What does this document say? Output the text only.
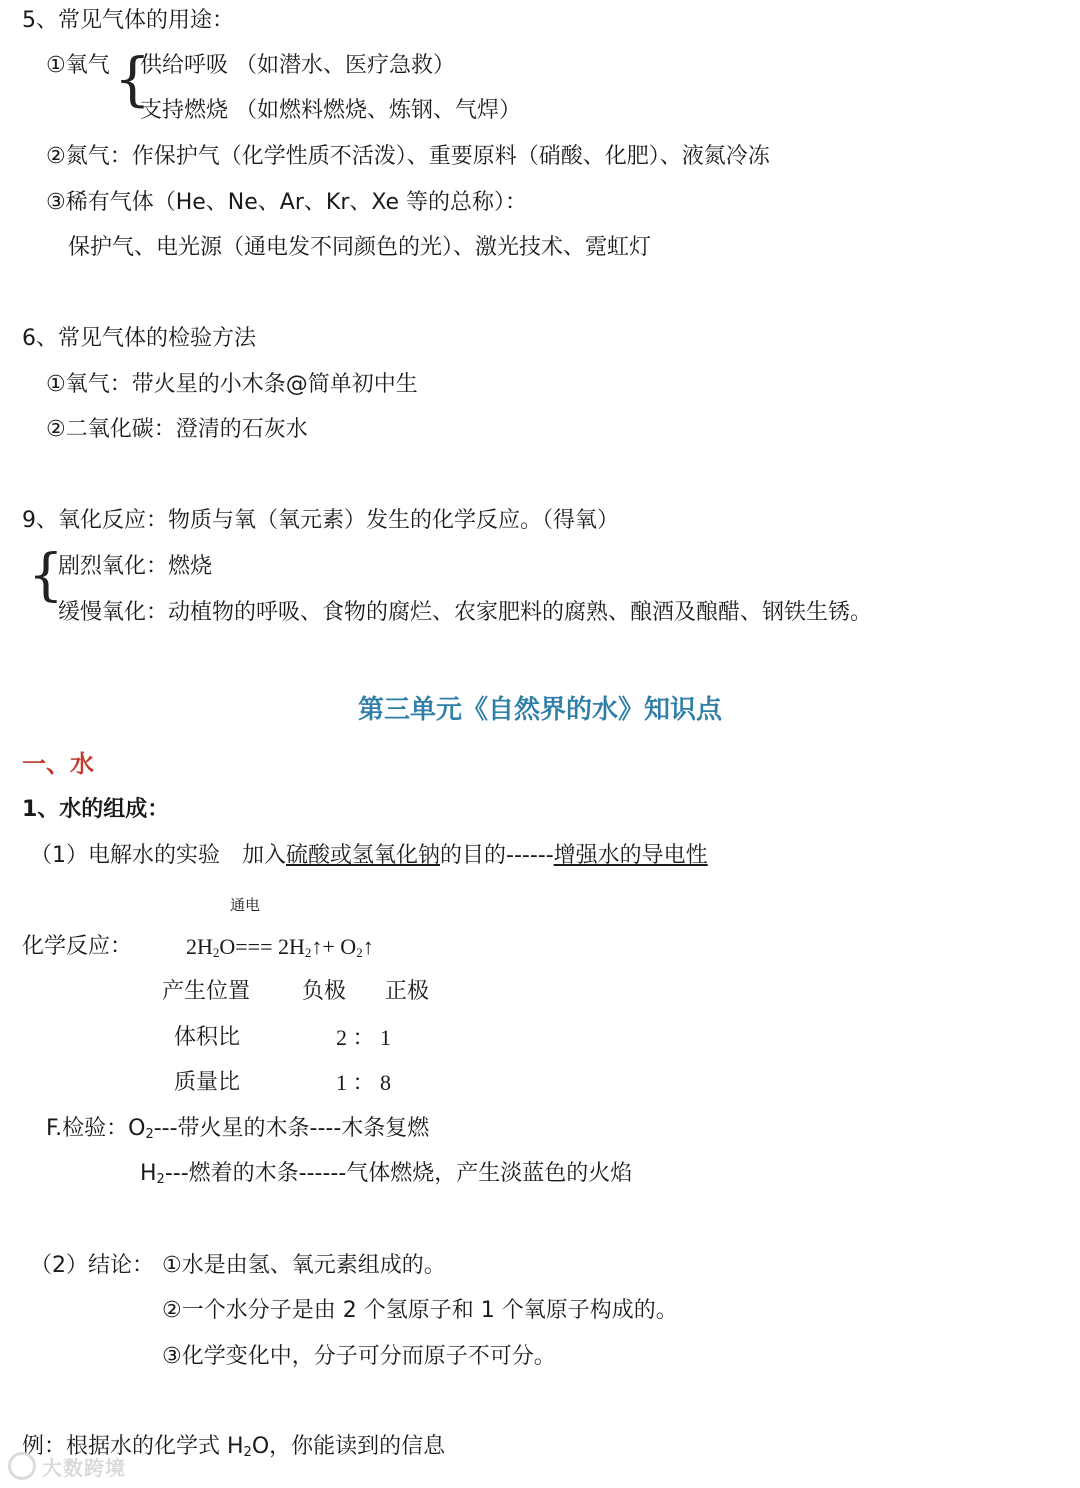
5、常见气体的用途：
①氧气 {
供给呼吸 （如潜水、医疗急救）
支持燃烧 （如燃料燃烧、炼钢、气焊）
②氮气：作保护气（化学性质不活泼）、重要原料（硝酸、化肥）、液氮冷冻
③稀有气体（He、Ne、Ar、Kr、Xe 等的总称）：
保护气、电光源（通电发不同颜色的光）、激光技术、霓虹灯
6、常见气体的检验方法
①氧气：带火星的小木条@简单初中生
②二氧化碳：澄清的石灰水
9、氧化反应：物质与氧（氧元素）发生的化学反应。（得氧）
{
剧烈氧化：燃烧
缓慢氧化：动植物的呼吸、食物的腐烂、农家肥料的腐熟、酿酒及酿醋、钢铁生锈。
第三单元《自然界的水》知识点
一、水
1、水的组成：
（1）电解水的实验　加入硫酸或氢氧化钠的目的------增强水的导电性
通电
化学反应： $2H_2O===$ $2H_2↑+$ $O_2↑$
产生位置 负极 正极
体积比	2 ： 1
质量比	1 ： 8
F.检验：$O_2---$带火星的木条----木条复燃
$H_2---$燃着的木条------气体燃烧，产生淡蓝色的火焰
（2）结论： ①水是由氢、氧元素组成的。
②一个水分子是由 2 个氢原子和 1 个氧原子构成的。
③化学变化中，分子可分而原子不可分。
例：根据水的化学式 $H_2O$，你能读到的信息
大数跨境
